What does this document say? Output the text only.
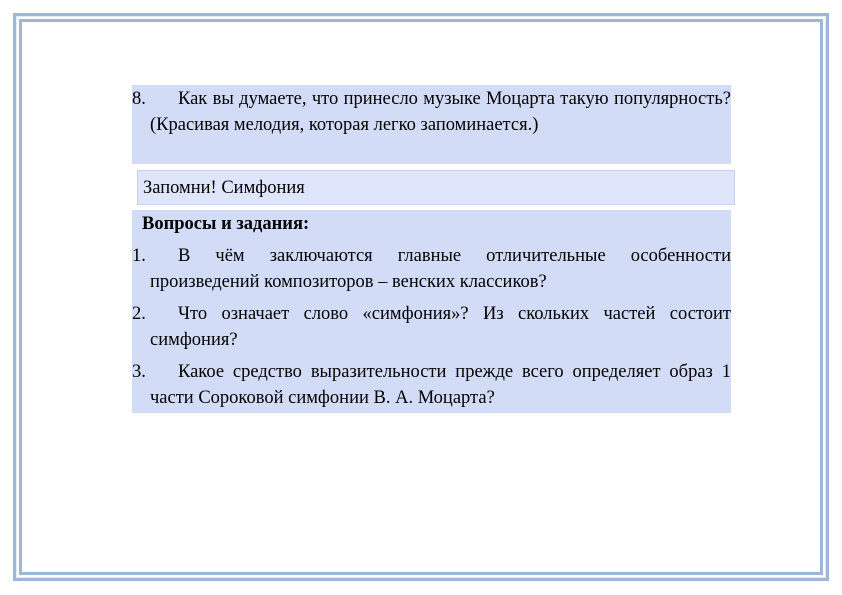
8.	Как вы думаете, что принесло музыке Моцарта такую популярность? (Красивая мелодия, которая легко запоминается.)
Запомни! Симфония
Вопросы и задания:
1.	В чём заключаются главные отличительные особенности произведений композиторов – венских классиков?
2.	Что означает слово «симфония»? Из скольких частей состоит симфония?
3.	Какое средство выразительности прежде всего определяет образ 1 части Сороковой симфонии В. А. Моцарта?
